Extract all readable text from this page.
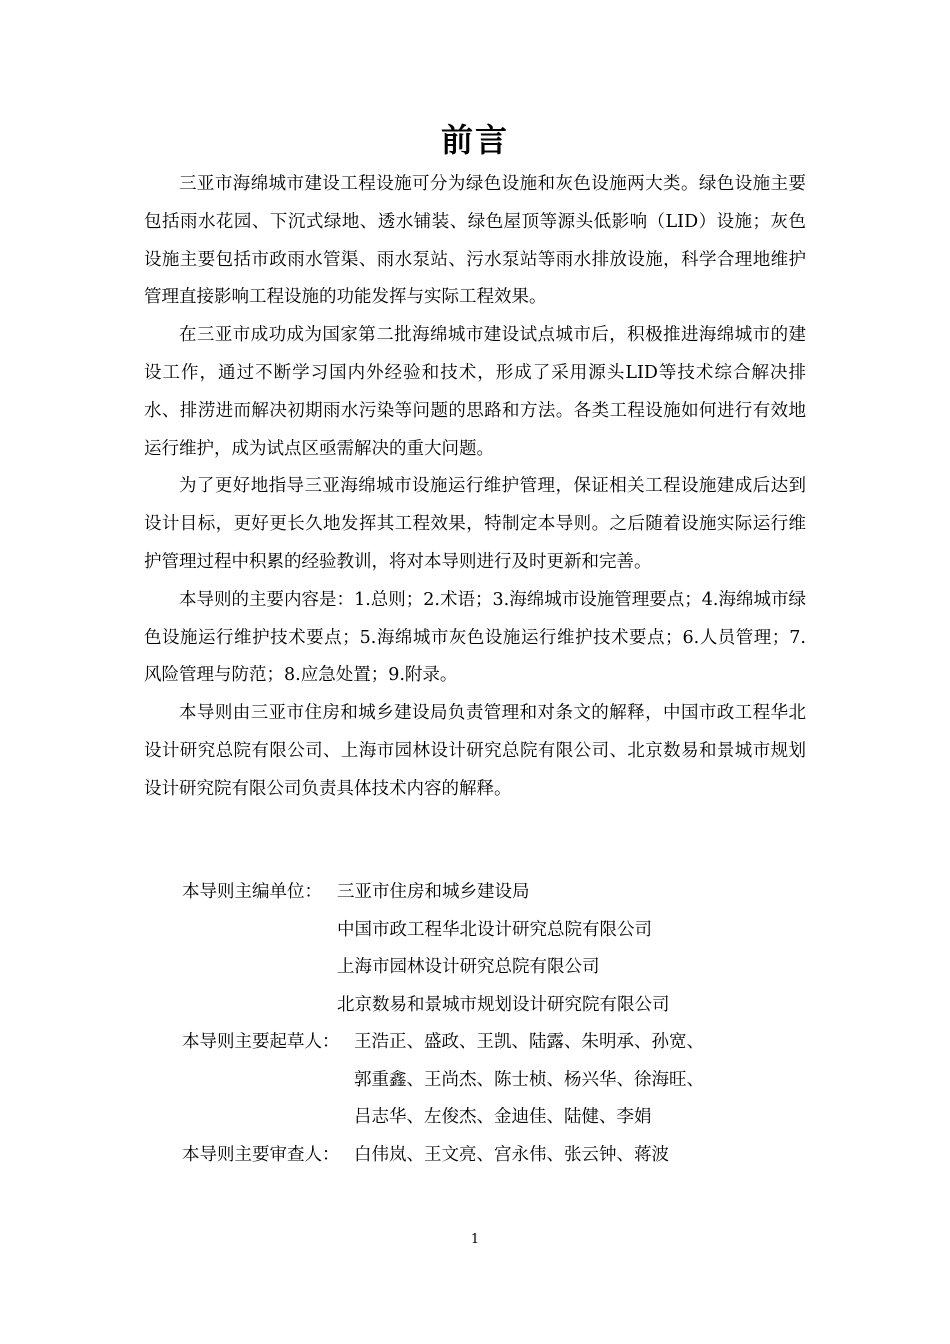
前言

三亚市海绵城市建设工程设施可分为绿色设施和灰色设施两大类。绿色设施主要包括雨水花园、下沉式绿地、透水铺装、绿色屋顶等源头低影响（LID）设施；灰色设施主要包括市政雨水管渠、雨水泵站、污水泵站等雨水排放设施，科学合理地维护管理直接影响工程设施的功能发挥与实际工程效果。

在三亚市成功成为国家第二批海绵城市建设试点城市后，积极推进海绵城市的建设工作，通过不断学习国内外经验和技术，形成了采用源头LID等技术综合解决排水、排涝进而解决初期雨水污染等问题的思路和方法。各类工程设施如何进行有效地运行维护，成为试点区亟需解决的重大问题。

为了更好地指导三亚海绵城市设施运行维护管理，保证相关工程设施建成后达到设计目标，更好更长久地发挥其工程效果，特制定本导则。之后随着设施实际运行维护管理过程中积累的经验教训，将对本导则进行及时更新和完善。

本导则的主要内容是：1.总则；2.术语；3.海绵城市设施管理要点；4.海绵城市绿色设施运行维护技术要点；5.海绵城市灰色设施运行维护技术要点；6.人员管理；7.风险管理与防范；8.应急处置；9.附录。

本导则由三亚市住房和城乡建设局负责管理和对条文的解释，中国市政工程华北设计研究总院有限公司、上海市园林设计研究总院有限公司、北京数易和景城市规划设计研究院有限公司负责具体技术内容的解释。

本导则主编单位： 三亚市住房和城乡建设局
中国市政工程华北设计研究总院有限公司
上海市园林设计研究总院有限公司
北京数易和景城市规划设计研究院有限公司
本导则主要起草人： 王浩正、盛政、王凯、陆露、朱明承、孙宽、
郭重鑫、王尚杰、陈士桢、杨兴华、徐海旺、
吕志华、左俊杰、金迪佳、陆健、李娟
本导则主要审查人： 白伟岚、王文亮、宫永伟、张云钟、蒋波
1
